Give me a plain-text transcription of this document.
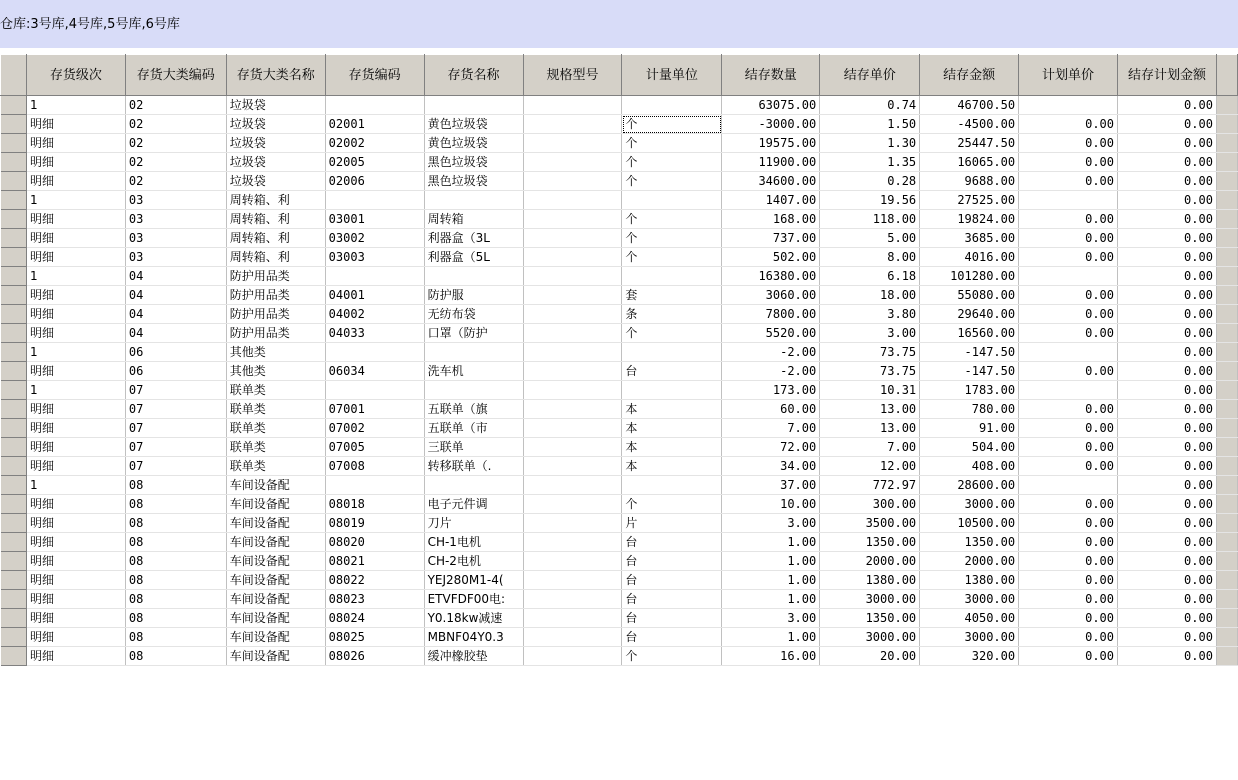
仓库:3号库,4号库,5号库,6号库
	存货级次	存货大类编码	存货大类名称	存货编码	存货名称	规格型号	计量单位	结存数量	结存单价	结存金额	计划单价	结存计划金额	
	1	02	垃圾袋					63075.00	0.74	46700.50		0.00	
	明细	02	垃圾袋	02001	黄色垃圾袋		个	-3000.00	1.50	-4500.00	0.00	0.00	
	明细	02	垃圾袋	02002	黄色垃圾袋		个	19575.00	1.30	25447.50	0.00	0.00	
	明细	02	垃圾袋	02005	黑色垃圾袋		个	11900.00	1.35	16065.00	0.00	0.00	
	明细	02	垃圾袋	02006	黑色垃圾袋		个	34600.00	0.28	9688.00	0.00	0.00	
	1	03	周转箱、利					1407.00	19.56	27525.00		0.00	
	明细	03	周转箱、利	03001	周转箱		个	168.00	118.00	19824.00	0.00	0.00	
	明细	03	周转箱、利	03002	利器盒（3L		个	737.00	5.00	3685.00	0.00	0.00	
	明细	03	周转箱、利	03003	利器盒（5L		个	502.00	8.00	4016.00	0.00	0.00	
	1	04	防护用品类					16380.00	6.18	101280.00		0.00	
	明细	04	防护用品类	04001	防护服		套	3060.00	18.00	55080.00	0.00	0.00	
	明细	04	防护用品类	04002	无纺布袋		条	7800.00	3.80	29640.00	0.00	0.00	
	明细	04	防护用品类	04033	口罩（防护		个	5520.00	3.00	16560.00	0.00	0.00	
	1	06	其他类					-2.00	73.75	-147.50		0.00	
	明细	06	其他类	06034	洗车机		台	-2.00	73.75	-147.50	0.00	0.00	
	1	07	联单类					173.00	10.31	1783.00		0.00	
	明细	07	联单类	07001	五联单（旗		本	60.00	13.00	780.00	0.00	0.00	
	明细	07	联单类	07002	五联单（市		本	7.00	13.00	91.00	0.00	0.00	
	明细	07	联单类	07005	三联单		本	72.00	7.00	504.00	0.00	0.00	
	明细	07	联单类	07008	转移联单（.		本	34.00	12.00	408.00	0.00	0.00	
	1	08	车间设备配					37.00	772.97	28600.00		0.00	
	明细	08	车间设备配	08018	电子元件调		个	10.00	300.00	3000.00	0.00	0.00	
	明细	08	车间设备配	08019	刀片		片	3.00	3500.00	10500.00	0.00	0.00	
	明细	08	车间设备配	08020	CH-1电机		台	1.00	1350.00	1350.00	0.00	0.00	
	明细	08	车间设备配	08021	CH-2电机		台	1.00	2000.00	2000.00	0.00	0.00	
	明细	08	车间设备配	08022	YEJ280M1-4(		台	1.00	1380.00	1380.00	0.00	0.00	
	明细	08	车间设备配	08023	ETVFDF00电:		台	1.00	3000.00	3000.00	0.00	0.00	
	明细	08	车间设备配	08024	Y0.18kw减速		台	3.00	1350.00	4050.00	0.00	0.00	
	明细	08	车间设备配	08025	MBNF04Y0.3		台	1.00	3000.00	3000.00	0.00	0.00	
	明细	08	车间设备配	08026	缓冲橡胶垫		个	16.00	20.00	320.00	0.00	0.00	
